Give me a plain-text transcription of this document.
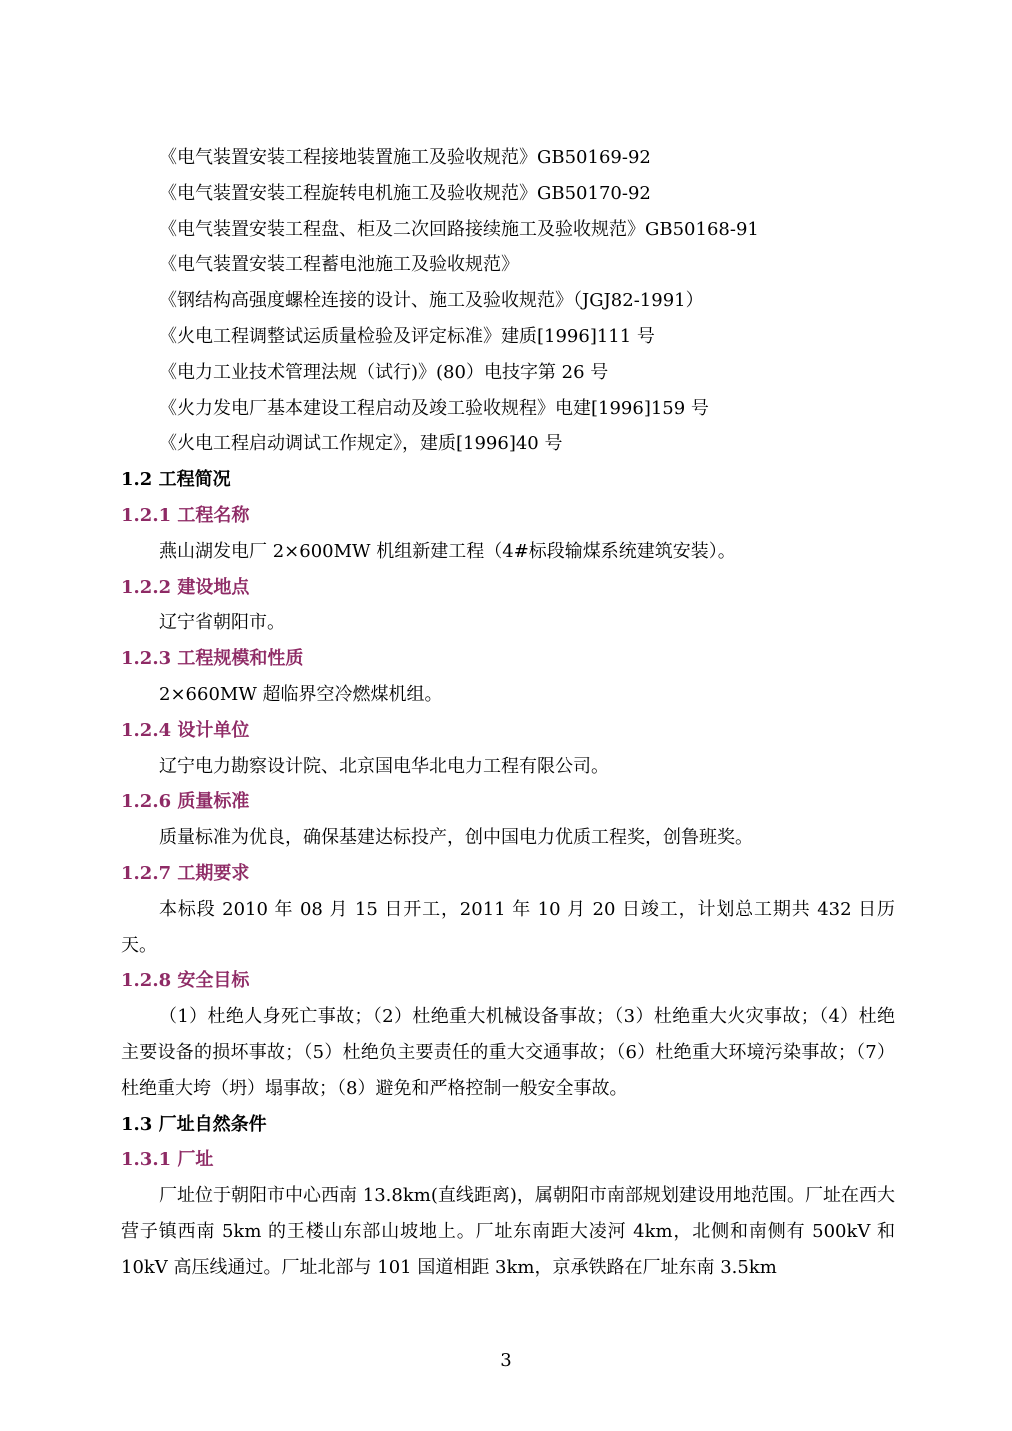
《电气装置安装工程接地装置施工及验收规范》GB50169-92
《电气装置安装工程旋转电机施工及验收规范》GB50170-92
《电气装置安装工程盘、柜及二次回路接续施工及验收规范》GB50168-91
《电气装置安装工程蓄电池施工及验收规范》
《钢结构高强度螺栓连接的设计、施工及验收规范》（JGJ82-1991）
《火电工程调整试运质量检验及评定标准》建质[1996]111 号
《电力工业技术管理法规（试行)》(80）电技字第 26 号
《火力发电厂基本建设工程启动及竣工验收规程》电建[1996]159 号
《火电工程启动调试工作规定》，建质[1996]40 号
1.2 工程简况
1.2.1 工程名称
燕山湖发电厂 2×600MW 机组新建工程（4#标段输煤系统建筑安装）。
1.2.2 建设地点
辽宁省朝阳市。
1.2.3 工程规模和性质
2×660MW 超临界空冷燃煤机组。
1.2.4 设计单位
辽宁电力勘察设计院、北京国电华北电力工程有限公司。
1.2.6 质量标准
质量标准为优良，确保基建达标投产，创中国电力优质工程奖，创鲁班奖。
1.2.7 工期要求
本标段 2010 年 08 月 15 日开工，2011 年 10 月 20 日竣工，计划总工期共 432 日历天。
1.2.8 安全目标
（1）杜绝人身死亡事故；（2）杜绝重大机械设备事故；（3）杜绝重大火灾事故；（4）杜绝主要设备的损坏事故；（5）杜绝负主要责任的重大交通事故；（6）杜绝重大环境污染事故；（7）杜绝重大垮（坍）塌事故；（8）避免和严格控制一般安全事故。
1.3 厂址自然条件
1.3.1 厂址
厂址位于朝阳市中心西南 13.8km(直线距离)，属朝阳市南部规划建设用地范围。厂址在西大营子镇西南 5km 的王楼山东部山坡地上。厂址东南距大凌河 4km，北侧和南侧有 500kV 和 10kV 高压线通过。厂址北部与 101 国道相距 3km，京承铁路在厂址东南 3.5km
3
